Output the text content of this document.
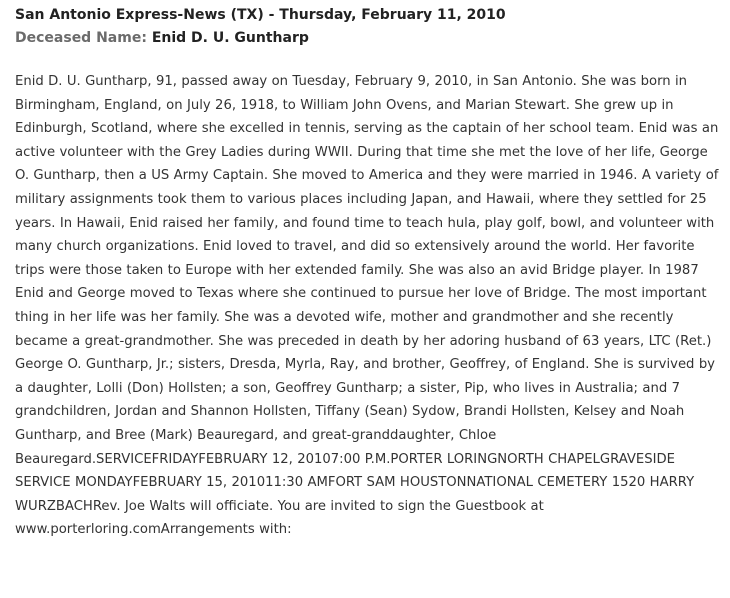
San Antonio Express-News (TX) - Thursday, February 11, 2010
Deceased Name: Enid D. U. Guntharp
Enid D. U. Guntharp, 91, passed away on Tuesday, February 9, 2010, in San Antonio. She was born in Birmingham, England, on July 26, 1918, to William John Ovens, and Marian Stewart. She grew up in Edinburgh, Scotland, where she excelled in tennis, serving as the captain of her school team. Enid was an active volunteer with the Grey Ladies during WWII. During that time she met the love of her life, George O. Guntharp, then a US Army Captain. She moved to America and they were married in 1946. A variety of military assignments took them to various places including Japan, and Hawaii, where they settled for 25 years. In Hawaii, Enid raised her family, and found time to teach hula, play golf, bowl, and volunteer with many church organizations. Enid loved to travel, and did so extensively around the world. Her favorite trips were those taken to Europe with her extended family. She was also an avid Bridge player. In 1987 Enid and George moved to Texas where she continued to pursue her love of Bridge. The most important thing in her life was her family. She was a devoted wife, mother and grandmother and she recently became a great-grandmother. She was preceded in death by her adoring husband of 63 years, LTC (Ret.) George O. Guntharp, Jr.; sisters, Dresda, Myrla, Ray, and brother, Geoffrey, of England. She is survived by a daughter, Lolli (Don) Hollsten; a son, Geoffrey Guntharp; a sister, Pip, who lives in Australia; and 7 grandchildren, Jordan and Shannon Hollsten, Tiffany (Sean) Sydow, Brandi Hollsten, Kelsey and Noah Guntharp, and Bree (Mark) Beauregard, and great-granddaughter, Chloe Beauregard.SERVICEFRIDAYFEBRUARY 12, 20107:00 P.M.PORTER LORINGNORTH CHAPELGRAVESIDE SERVICE MONDAYFEBRUARY 15, 201011:30 AMFORT SAM HOUSTONNATIONAL CEMETERY 1520 HARRY WURZBACHRev. Joe Walts will officiate. You are invited to sign the Guestbook at www.porterloring.comArrangements with:
